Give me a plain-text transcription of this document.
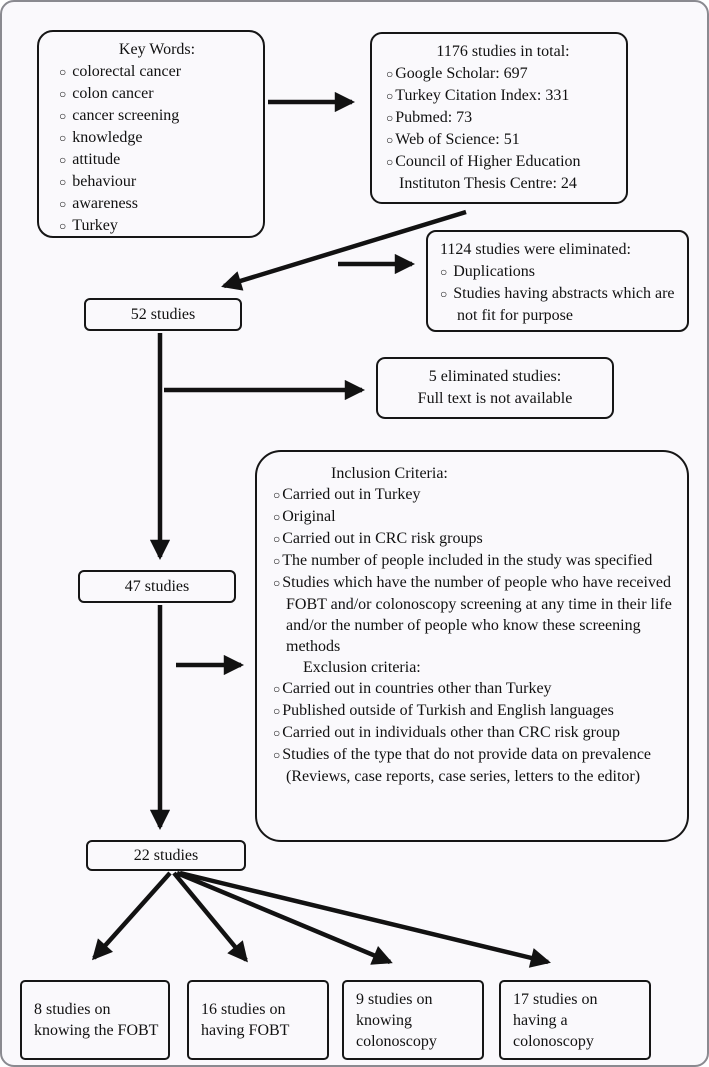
Key Words:
○ colorectal cancer
○ colon cancer
○ cancer screening
○ knowledge
○ attitude
○ behaviour
○ awareness
○ Turkey
1176 studies in total:
○ Google Scholar: 697
○ Turkey Citation Index: 331
○ Pubmed: 73
○ Web of Science: 51
○ Council of Higher Education Instituton Thesis Centre: 24
1124 studies were eliminated:
○ Duplications
○ Studies having abstracts which are not fit for purpose
52 studies
5 eliminated studies:
Full text is not available
47 studies
Inclusion Criteria:
○ Carried out in Turkey
○ Original
○ Carried out in CRC risk groups
○ The number of people included in the study was specified
○ Studies which have the number of people who have received FOBT and/or colonoscopy screening at any time in their life and/or the number of people who know these screening methods
Exclusion criteria:
○ Carried out in countries other than Turkey
○ Published outside of Turkish and English languages
○ Carried out in individuals other than CRC risk group
○ Studies of the type that do not provide data on prevalence (Reviews, case reports, case series, letters to the editor)
22 studies
8 studies on knowing the FOBT
16 studies on having FOBT
9 studies on knowing colonoscopy
17 studies on having a colonoscopy
